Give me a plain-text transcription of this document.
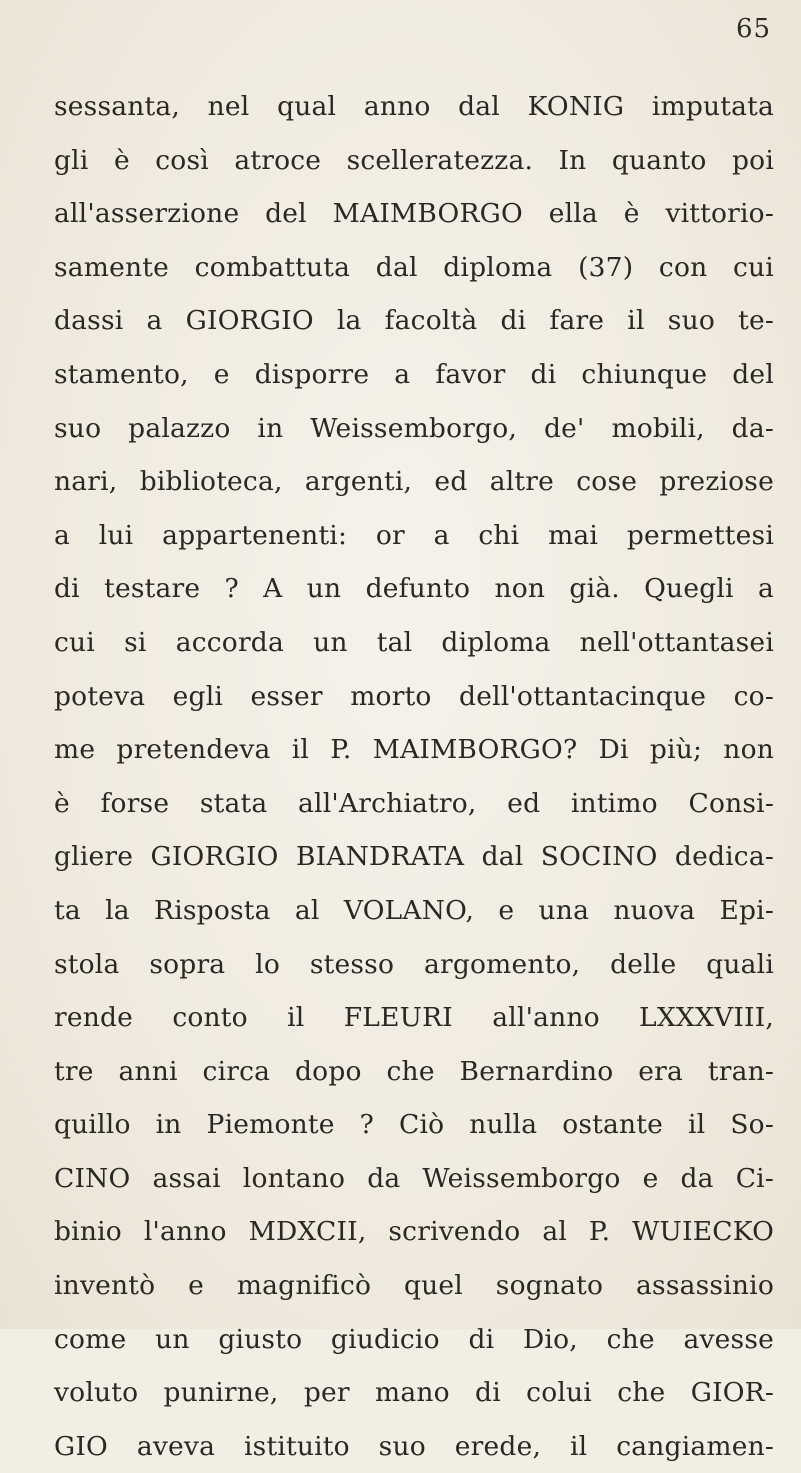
65
sessanta, nel qual anno dal KONIG imputata
gli è così atroce scelleratezza. In quanto poi
all'asserzione del MAIMBORGO ella è vittorio-
samente combattuta dal diploma (37) con cui
dassi a GIORGIO la facoltà di fare il suo te-
stamento, e disporre a favor di chiunque del
suo palazzo in Weissemborgo, de' mobili, da-
nari, biblioteca, argenti, ed altre cose preziose
a lui appartenenti: or a chi mai permettesi
di testare ? A un defunto non già. Quegli a
cui si accorda un tal diploma nell'ottantasei
poteva egli esser morto dell'ottantacinque co-
me pretendeva il P. MAIMBORGO? Di più; non
è forse stata all'Archiatro, ed intimo Consi-
gliere GIORGIO BIANDRATA dal SOCINO dedica-
ta la Risposta al VOLANO, e una nuova Epi-
stola sopra lo stesso argomento, delle quali
rende conto il FLEURI all'anno LXXXVIII,
tre anni circa dopo che Bernardino era tran-
quillo in Piemonte ? Ciò nulla ostante il So-
CINO assai lontano da Weissemborgo e da Ci-
binio l'anno MDXCII, scrivendo al P. WUIECKO
inventò e magnificò quel sognato assassinio
come un giusto giudicio di Dio, che avesse
voluto punirne, per mano di colui che GIOR-
GIO aveva istituito suo erede, il cangiamen-
